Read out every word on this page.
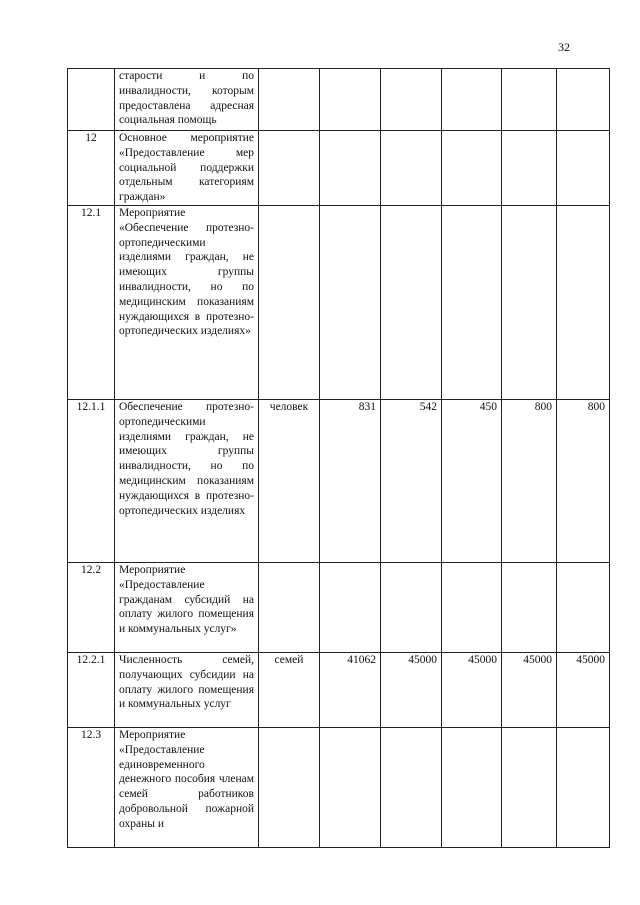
32
	старости и по инвалидности, которым предоставлена адресная социальная помощь						
12	Основное мероприятие «Предоставление мер социальной поддержки отдельным категориям граждан»						
12.1	Мероприятие «Обеспечение протезно-ортопедическими изделиями граждан, не имеющих группы инвалидности, но по медицинским показаниям нуждающихся в протезно-ортопедических изделиях»						
12.1.1	Обеспечение протезно-ортопедическими изделиями граждан, не имеющих группы инвалидности, но по медицинским показаниям нуждающихся в протезно-ортопедических изделиях	человек	831	542	450	800	800
12.2	Мероприятие «Предоставление гражданам субсидий на оплату жилого помещения и коммунальных услуг»						
12.2.1	Численность семей, получающих субсидии на оплату жилого помещения и коммунальных услуг	семей	41062	45000	45000	45000	45000
12.3	Мероприятие «Предоставление единовременного денежного пособия членам семей работников добровольной пожарной охраны и						
